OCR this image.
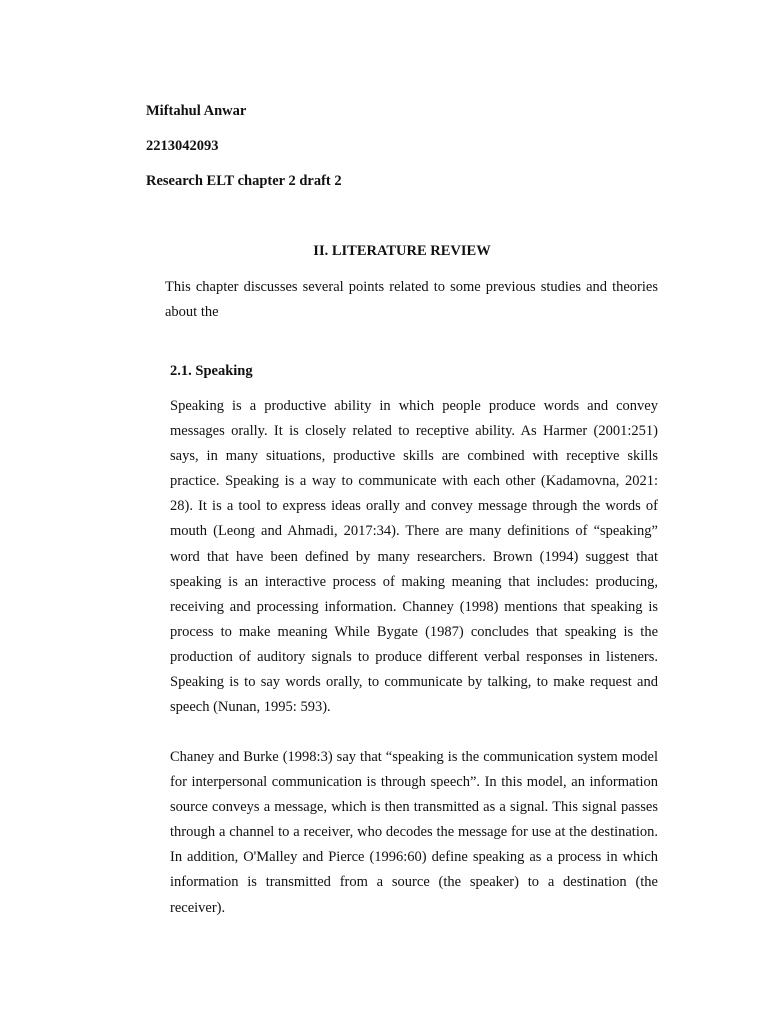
Miftahul Anwar

2213042093

Research ELT chapter 2 draft 2

II. LITERATURE REVIEW

This chapter discusses several points related to some previous studies and theories about the

2.1. Speaking

Speaking is a productive ability in which people produce words and convey messages orally. It is closely related to receptive ability. As Harmer (2001:251) says, in many situations, productive skills are combined with receptive skills practice. Speaking is a way to communicate with each other (Kadamovna, 2021: 28). It is a tool to express ideas orally and convey message through the words of mouth (Leong and Ahmadi, 2017:34). There are many definitions of “speaking” word that have been defined by many researchers. Brown (1994) suggest that speaking is an interactive process of making meaning that includes: producing, receiving and processing information. Channey (1998) mentions that speaking is process to make meaning While Bygate (1987) concludes that speaking is the production of auditory signals to produce different verbal responses in listeners. Speaking is to say words orally, to communicate by talking, to make request and speech (Nunan, 1995: 593).

Chaney and Burke (1998:3) say that “speaking is the communication system model for interpersonal communication is through speech”. In this model, an information source conveys a message, which is then transmitted as a signal. This signal passes through a channel to a receiver, who decodes the message for use at the destination. In addition, O'Malley and Pierce (1996:60) define speaking as a process in which information is transmitted from a source (the speaker) to a destination (the receiver).
